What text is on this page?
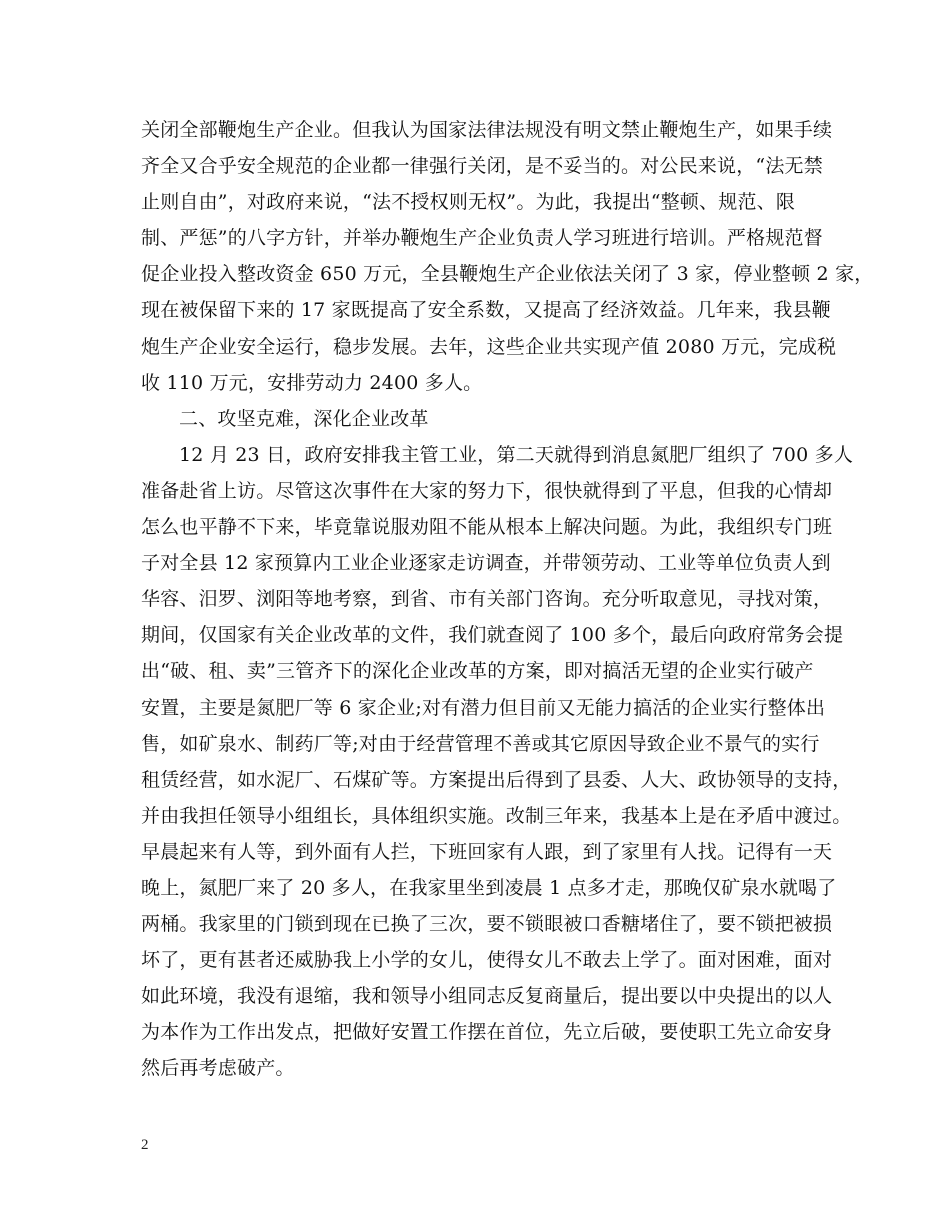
关闭全部鞭炮生产企业。但我认为国家法律法规没有明文禁止鞭炮生产，如果手续
齐全又合乎安全规范的企业都一律强行关闭，是不妥当的。对公民来说，“法无禁
止则自由”，对政府来说，“法不授权则无权”。为此，我提出“整顿、规范、限
制、严惩”的八字方针，并举办鞭炮生产企业负责人学习班进行培训。严格规范督
促企业投入整改资金 650 万元，全县鞭炮生产企业依法关闭了 3 家，停业整顿 2 家，
现在被保留下来的 17 家既提高了安全系数，又提高了经济效益。几年来，我县鞭
炮生产企业安全运行，稳步发展。去年，这些企业共实现产值 2080 万元，完成税
收 110 万元，安排劳动力 2400 多人。
二、攻坚克难，深化企业改革
12 月 23 日，政府安排我主管工业，第二天就得到消息氮肥厂组织了 700 多人
准备赴省上访。尽管这次事件在大家的努力下，很快就得到了平息，但我的心情却
怎么也平静不下来，毕竟靠说服劝阻不能从根本上解决问题。为此，我组织专门班
子对全县 12 家预算内工业企业逐家走访调查，并带领劳动、工业等单位负责人到
华容、汨罗、浏阳等地考察，到省、市有关部门咨询。充分听取意见，寻找对策，
期间，仅国家有关企业改革的文件，我们就查阅了 100 多个，最后向政府常务会提
出“破、租、卖”三管齐下的深化企业改革的方案，即对搞活无望的企业实行破产
安置，主要是氮肥厂等 6 家企业;对有潜力但目前又无能力搞活的企业实行整体出
售，如矿泉水、制药厂等;对由于经营管理不善或其它原因导致企业不景气的实行
租赁经营，如水泥厂、石煤矿等。方案提出后得到了县委、人大、政协领导的支持，
并由我担任领导小组组长，具体组织实施。改制三年来，我基本上是在矛盾中渡过。
早晨起来有人等，到外面有人拦，下班回家有人跟，到了家里有人找。记得有一天
晚上，氮肥厂来了 20 多人，在我家里坐到凌晨 1 点多才走，那晚仅矿泉水就喝了
两桶。我家里的门锁到现在已换了三次，要不锁眼被口香糖堵住了，要不锁把被损
坏了，更有甚者还威胁我上小学的女儿，使得女儿不敢去上学了。面对困难，面对
如此环境，我没有退缩，我和领导小组同志反复商量后，提出要以中央提出的以人
为本作为工作出发点，把做好安置工作摆在首位，先立后破，要使职工先立命安身
然后再考虑破产。
2
